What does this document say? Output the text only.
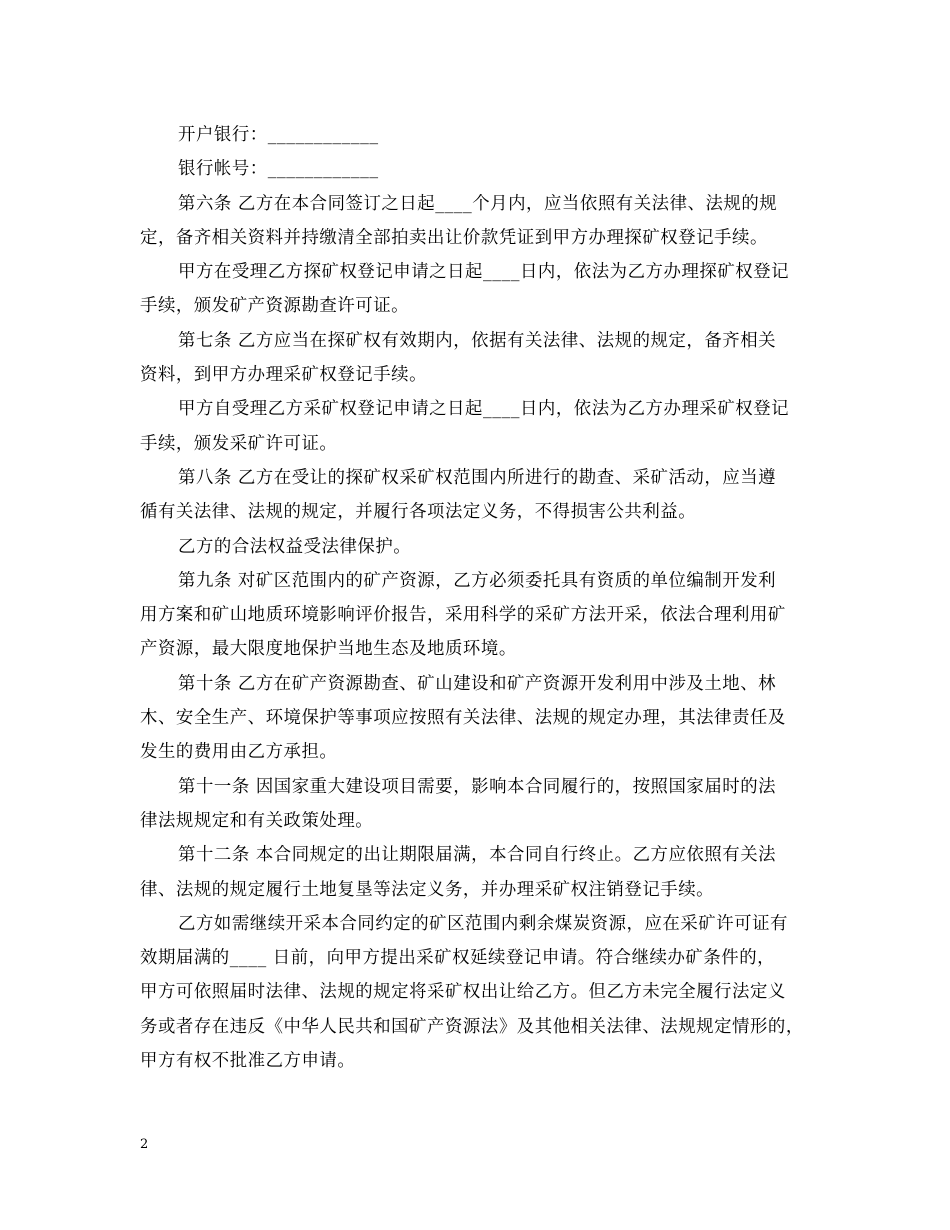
开户银行：____________
银行帐号：____________
第六条 乙方在本合同签订之日起____个月内，应当依照有关法律、法规的规
定，备齐相关资料并持缴清全部拍卖出让价款凭证到甲方办理探矿权登记手续。
甲方在受理乙方探矿权登记申请之日起____日内，依法为乙方办理探矿权登记
手续，颁发矿产资源勘查许可证。
第七条 乙方应当在探矿权有效期内，依据有关法律、法规的规定，备齐相关
资料，到甲方办理采矿权登记手续。
甲方自受理乙方采矿权登记申请之日起____日内，依法为乙方办理采矿权登记
手续，颁发采矿许可证。
第八条 乙方在受让的探矿权采矿权范围内所进行的勘查、采矿活动，应当遵
循有关法律、法规的规定，并履行各项法定义务，不得损害公共利益。
乙方的合法权益受法律保护。
第九条 对矿区范围内的矿产资源，乙方必须委托具有资质的单位编制开发利
用方案和矿山地质环境影响评价报告，采用科学的采矿方法开采，依法合理利用矿
产资源，最大限度地保护当地生态及地质环境。
第十条 乙方在矿产资源勘查、矿山建设和矿产资源开发利用中涉及土地、林
木、安全生产、环境保护等事项应按照有关法律、法规的规定办理，其法律责任及
发生的费用由乙方承担。
第十一条 因国家重大建设项目需要，影响本合同履行的，按照国家届时的法
律法规规定和有关政策处理。
第十二条 本合同规定的出让期限届满，本合同自行终止。乙方应依照有关法
律、法规的规定履行土地复垦等法定义务，并办理采矿权注销登记手续。
乙方如需继续开采本合同约定的矿区范围内剩余煤炭资源，应在采矿许可证有
效期届满的____ 日前，向甲方提出采矿权延续登记申请。符合继续办矿条件的，
甲方可依照届时法律、法规的规定将采矿权出让给乙方。但乙方未完全履行法定义
务或者存在违反《中华人民共和国矿产资源法》及其他相关法律、法规规定情形的，
甲方有权不批准乙方申请。
2
